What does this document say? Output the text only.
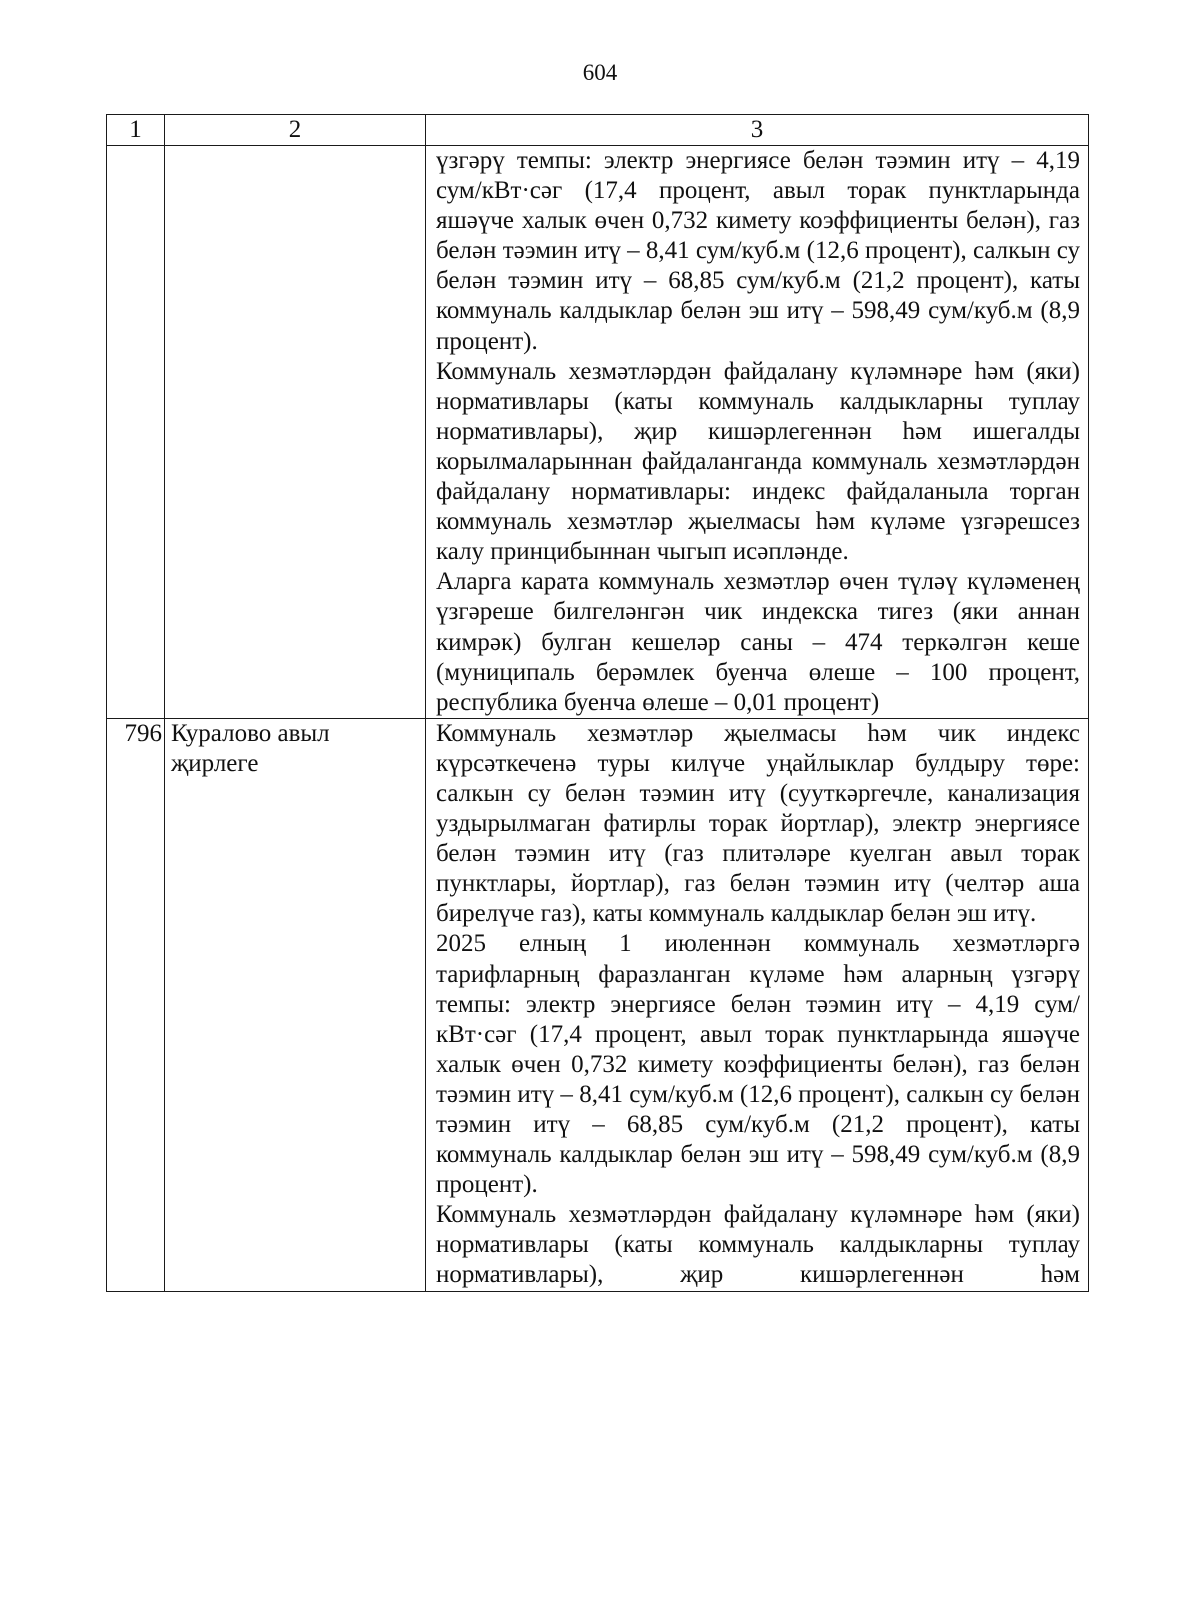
604
1	2	3

		үзгәрү темпы: электр энергиясе белән тәэмин итү – 4,19 сум/кВт·сәг (17,4 процент, авыл торак пунктларында яшәүче халык өчен 0,732 кимету коэффициенты белән), газ белән тәэмин итү – 8,41 сум/куб.м (12,6 процент), салкын су белән тәэмин итү – 68,85 сум/куб.м (21,2 процент), каты коммуналь калдыклар белән эш итү – 598,49 сум/куб.м (8,9 процент).

Коммуналь хезмәтләрдән файдалану күләмнәре һәм (яки) нормативлары (каты коммуналь калдыкларны туплау нормативлары), җир кишәрлегеннән һәм ишегалды корылмаларыннан файдаланганда коммуналь хезмәтләрдән файдалану нормативлары: индекс файдаланыла торган коммуналь хезмәтләр җыелмасы һәм күләме үзгәрешсез калу принцибыннан чыгып исәпләнде.

Аларга карата коммуналь хезмәтләр өчен түләү күләменең үзгәреше билгеләнгән чик индекска тигез (яки аннан кимрәк) булган кешеләр саны – 474 теркәлгән кеше (муниципаль берәмлек буенча өлеше – 100 процент, республика буенча өлеше – 0,01 процент)

796	Куралово авыл җирлеге	Коммуналь хезмәтләр җыелмасы һәм чик индекс күрсәткеченә туры килүче уңайлыклар булдыру төре: салкын су белән тәэмин итү (сууткәргечле, канализация уздырылмаган фатирлы торак йортлар), электр энергиясе белән тәэмин итү (газ плитәләре куелган авыл торак пунктлары, йортлар), газ белән тәэмин итү (челтәр аша бирелүче газ), каты коммуналь калдыклар белән эш итү.

2025 елның 1 июленнән коммуналь хезмәтләргә тарифларның фаразланган күләме һәм аларның үзгәрү темпы: электр энергиясе белән тәэмин итү – 4,19 сум/кВт·сәг (17,4 процент, авыл торак пунктларында яшәүче халык өчен 0,732 кимету коэффициенты белән), газ белән тәэмин итү – 8,41 сум/куб.м (12,6 процент), салкын су белән тәэмин итү – 68,85 сум/куб.м (21,2 процент), каты коммуналь калдыклар белән эш итү – 598,49 сум/куб.м (8,9 процент).

Коммуналь хезмәтләрдән файдалану күләмнәре һәм (яки) нормативлары (каты коммуналь калдыкларны туплау нормативлары), җир кишәрлегеннән һәм
